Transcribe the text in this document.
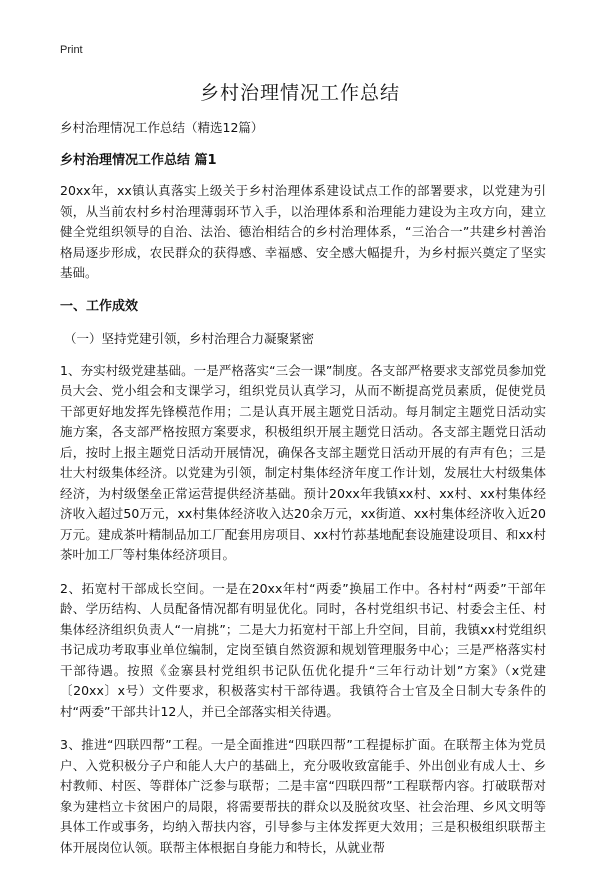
Print
乡村治理情况工作总结

乡村治理情况工作总结（精选12篇）

乡村治理情况工作总结 篇1

20xx年，xx镇认真落实上级关于乡村治理体系建设试点工作的部署要求，以党建为引领，从当前农村乡村治理薄弱环节入手，以治理体系和治理能力建设为主攻方向，建立健全党组织领导的自治、法治、德治相结合的乡村治理体系，“三治合一”共建乡村善治格局逐步形成，农民群众的获得感、幸福感、安全感大幅提升，为乡村振兴奠定了坚实基础。

一、工作成效

（一）坚持党建引领，乡村治理合力凝聚紧密

1、夯实村级党建基础。一是严格落实“三会一课”制度。各支部严格要求支部党员参加党员大会、党小组会和支课学习，组织党员认真学习，从而不断提高党员素质，促使党员干部更好地发挥先锋模范作用；二是认真开展主题党日活动。每月制定主题党日活动实施方案，各支部严格按照方案要求，积极组织开展主题党日活动。各支部主题党日活动后，按时上报主题党日活动开展情况，确保各支部主题党日活动开展的有声有色；三是壮大村级集体经济。以党建为引领，制定村集体经济年度工作计划，发展壮大村级集体经济，为村级堡垒正常运营提供经济基础。预计20xx年我镇xx村、xx村、xx村集体经济收入超过50万元，xx村集体经济收入达20余万元，xx街道、xx村集体经济收入近20万元。建成茶叶精制品加工厂配套用房项目、xx村竹荪基地配套设施建设项目、和xx村茶叶加工厂等村集体经济项目。

2、拓宽村干部成长空间。一是在20xx年村“两委”换届工作中。各村村“两委”干部年龄、学历结构、人员配备情况都有明显优化。同时，各村党组织书记、村委会主任、村集体经济组织负责人“一肩挑”；二是大力拓宽村干部上升空间，目前，我镇xx村党组织书记成功考取事业单位编制，定岗至镇自然资源和规划管理服务中心；三是严格落实村干部待遇。按照《金寨县村党组织书记队伍优化提升“三年行动计划”方案》（x党建〔20xx〕x号）文件要求，积极落实村干部待遇。我镇符合士官及全日制大专条件的村“两委”干部共计12人，并已全部落实相关待遇。

3、推进“四联四帮”工程。一是全面推进“四联四帮”工程提标扩面。在联帮主体为党员户、入党积极分子户和能人大户的基础上，充分吸收致富能手、外出创业有成人士、乡村教师、村医、等群体广泛参与联帮；二是丰富“四联四帮”工程联帮内容。打破联帮对象为建档立卡贫困户的局限，将需要帮扶的群众以及脱贫攻坚、社会治理、乡风文明等具体工作或事务，均纳入帮扶内容，引导参与主体发挥更大效用；三是积极组织联帮主体开展岗位认领。联帮主体根据自身能力和特长，从就业帮
